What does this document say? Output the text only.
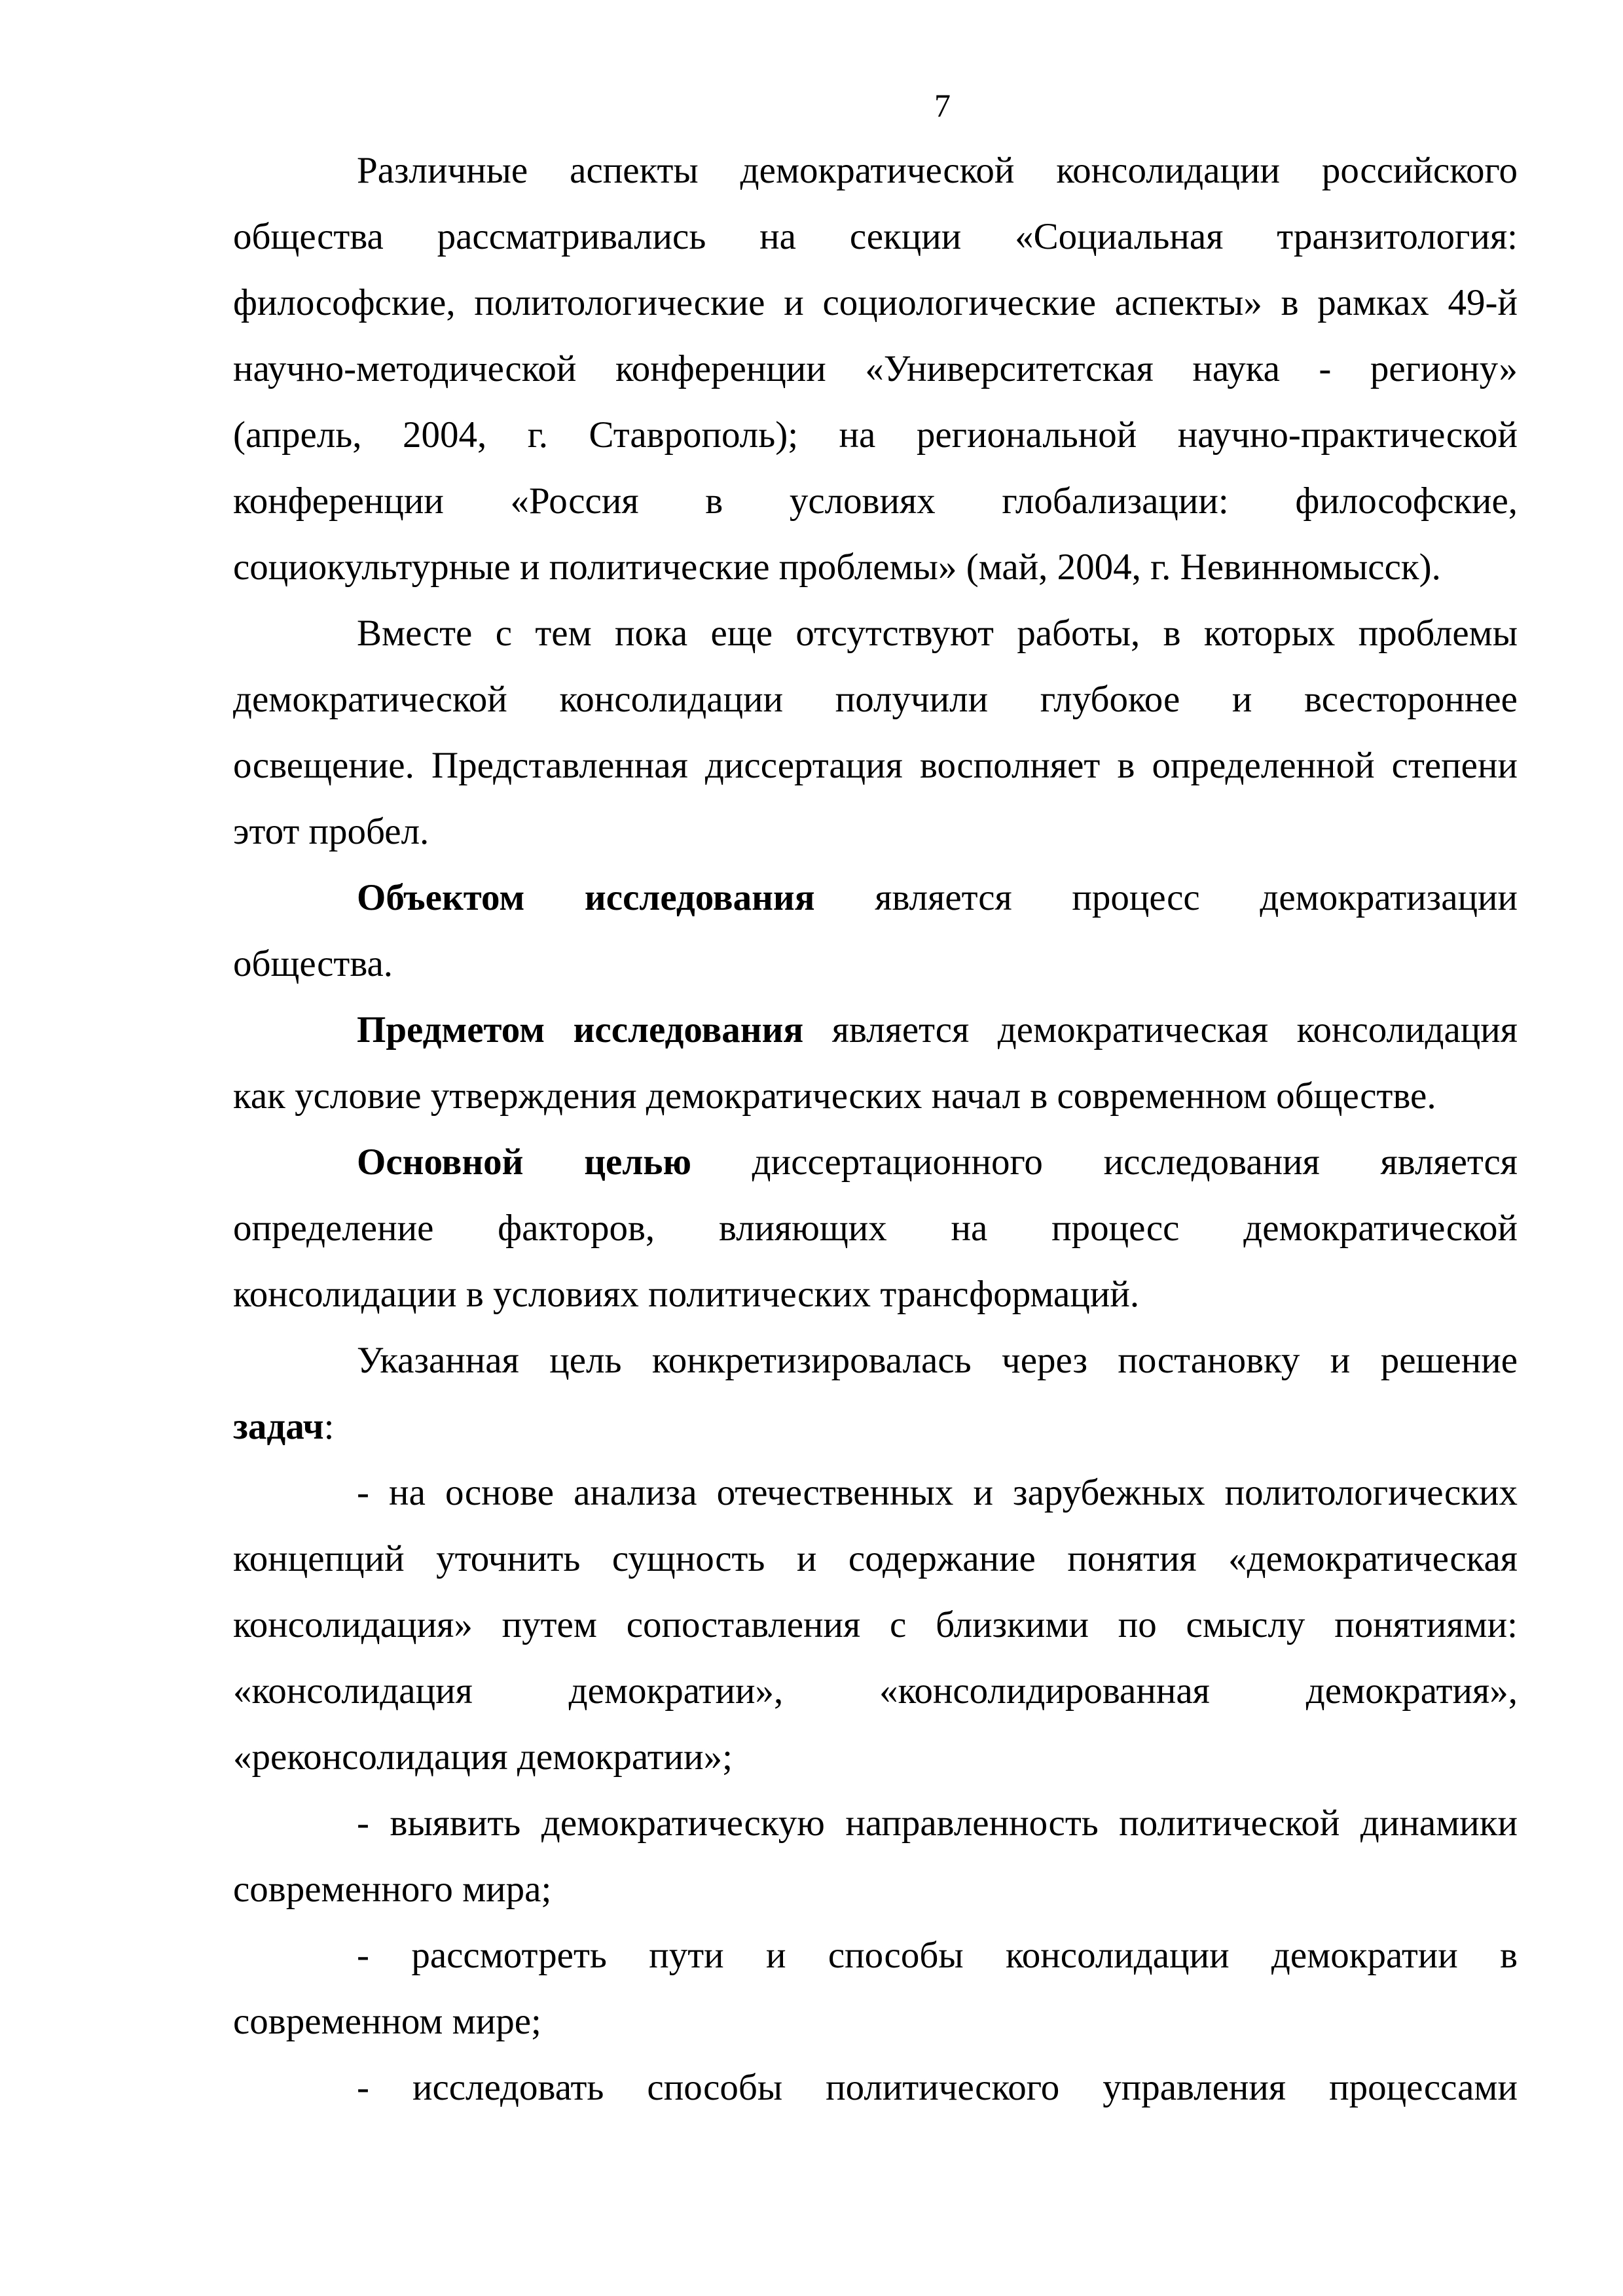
7
Различные аспекты демократической консолидации российского
общества рассматривались на секции «Социальная транзитология:
философские, политологические и социологические аспекты» в рамках 49-й
научно-методической конференции «Университетская наука - региону»
(апрель, 2004, г. Ставрополь); на региональной научно-практической
конференции «Россия в условиях глобализации: философские,
социокультурные и политические проблемы» (май, 2004, г. Невинномысск).
Вместе с тем пока еще отсутствуют работы, в которых проблемы
демократической консолидации получили глубокое и всестороннее
освещение. Представленная диссертация восполняет в определенной степени
этот пробел.
Объектом исследования является процесс демократизации
общества.
Предметом исследования является демократическая консолидация
как условие утверждения демократических начал в современном обществе.
Основной целью диссертационного исследования является
определение факторов, влияющих на процесс демократической
консолидации в условиях политических трансформаций.
Указанная цель конкретизировалась через постановку и решение
задач:
- на основе анализа отечественных и зарубежных политологических
концепций уточнить сущность и содержание понятия «демократическая
консолидация» путем сопоставления с близкими по смыслу понятиями:
«консолидация демократии», «консолидированная демократия»,
«реконсолидация демократии»;
- выявить демократическую направленность политической динамики
современного мира;
- рассмотреть пути и способы консолидации демократии в
современном мире;
- исследовать способы политического управления процессами
